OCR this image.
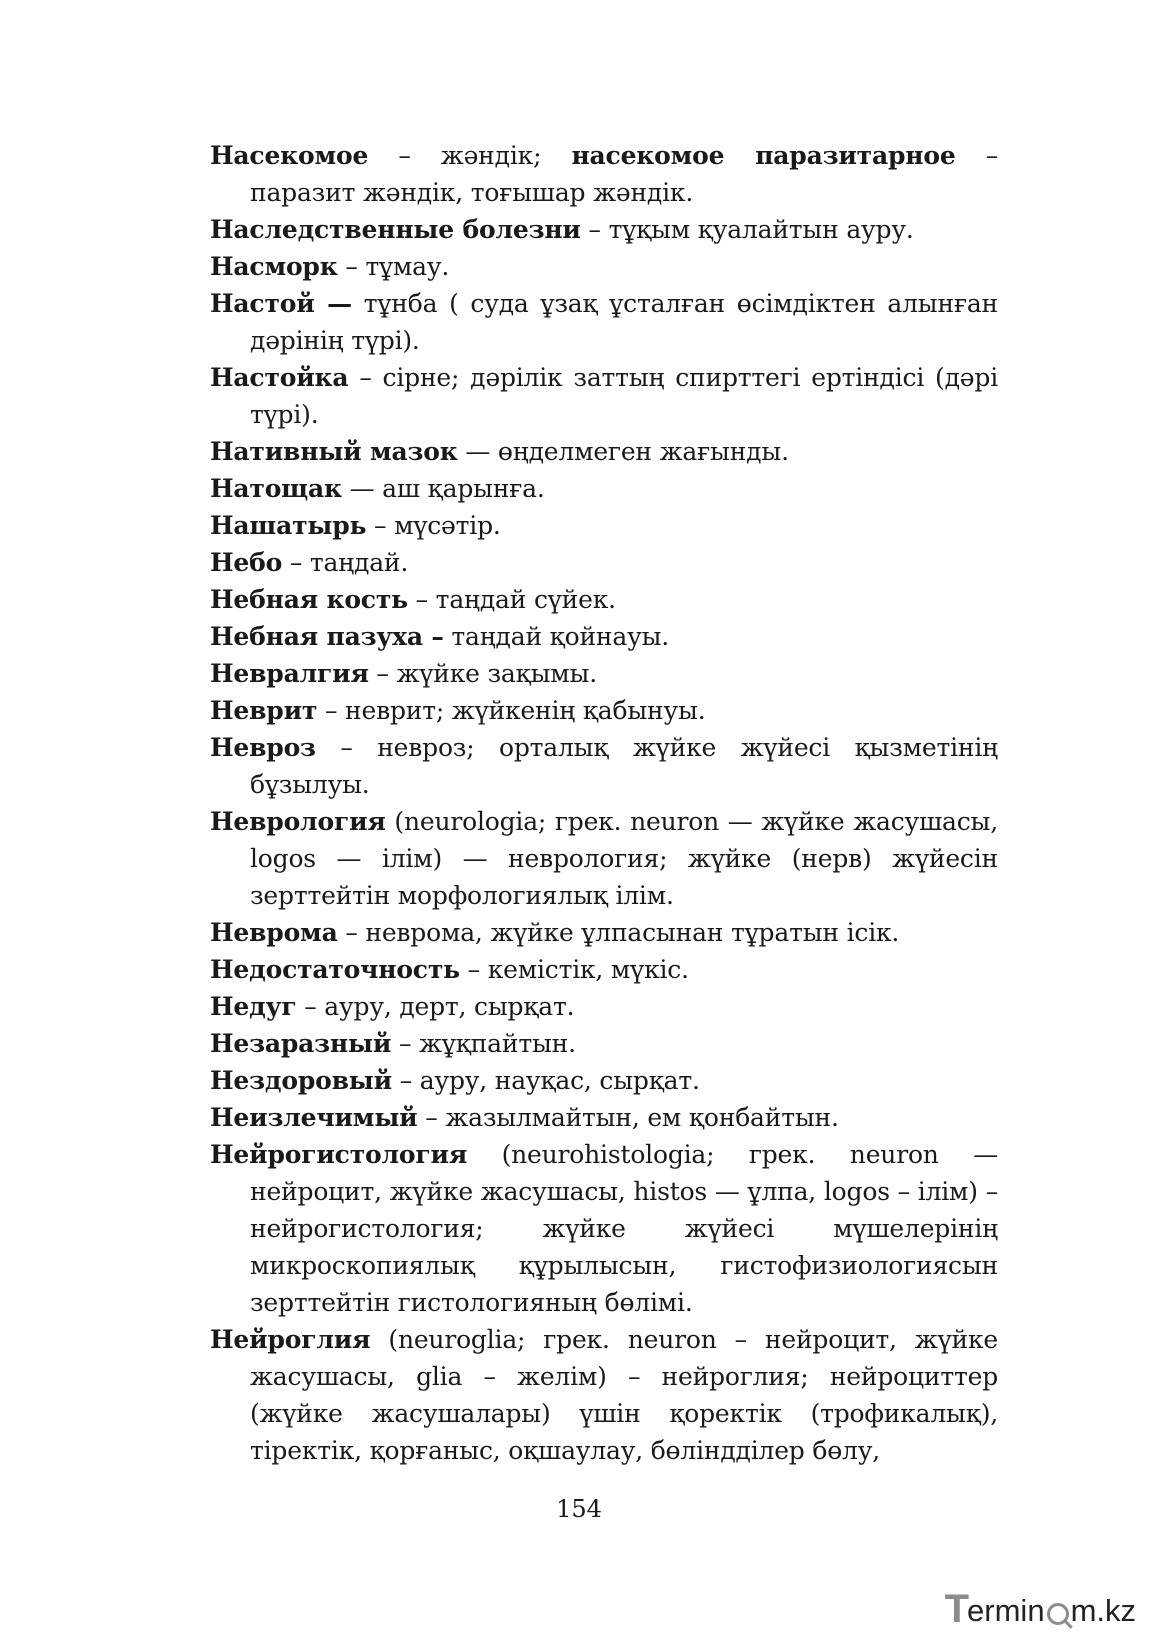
Насекомое – жәндік; насекомое паразитарное – паразит жәндік, тоғышар жәндік.

Наследственные болезни – тұқым қуалайтын ауру.

Насморк – тұмау.

Настой — тұнба ( суда ұзақ ұсталған өсімдіктен алынған дәрінің түрі).

Настойка – сірне; дәрілік заттың спирттегі ертіндісі (дәрі түрі).

Нативный мазок — өңделмеген жағынды.

Натощак — аш қарынға.

Нашатырь – мүсәтір.

Небо – таңдай.

Небная кость – таңдай сүйек.

Небная пазуха – таңдай қойнауы.

Невралгия – жүйке зақымы.

Неврит – неврит; жүйкенің қабынуы.

Невроз – невроз; орталық жүйке жүйесі қызметінің бұзылуы.

Неврология (neurologia; грек. neuron — жүйке жасушасы, logos — ілім) — неврология; жүйке (нерв) жүйесін зерттейтін морфологиялық ілім.

Неврома – неврома, жүйке ұлпасынан тұратын ісік.

Недостаточность – кемістік, мүкіс.

Недуг – ауру, дерт, сырқат.

Незаразный – жұқпайтын.

Нездоровый – ауру, науқас, сырқат.

Неизлечимый – жазылмайтын, ем қонбайтын.

Нейрогистология (neurohistologia; грек. neuron — нейроцит, жүйке жасушасы, histos — ұлпа, logos – ілім) – нейрогистология; жүйке жүйесі мүшелерінің микроскопиялық құрылысын, гистофизиологиясын зерттейтін гистологияның бөлімі.

Нейроглия (neuroglia; грек. neuron – нейроцит, жүйке жасушасы, glia – желім) – нейроглия; нейроциттер (жүйке жасушалары) үшін қоректік (трофикалық), тіректік, қорғаныс, оқшаулау, бөліндділер бөлу,

154
T
ermin m.kz
